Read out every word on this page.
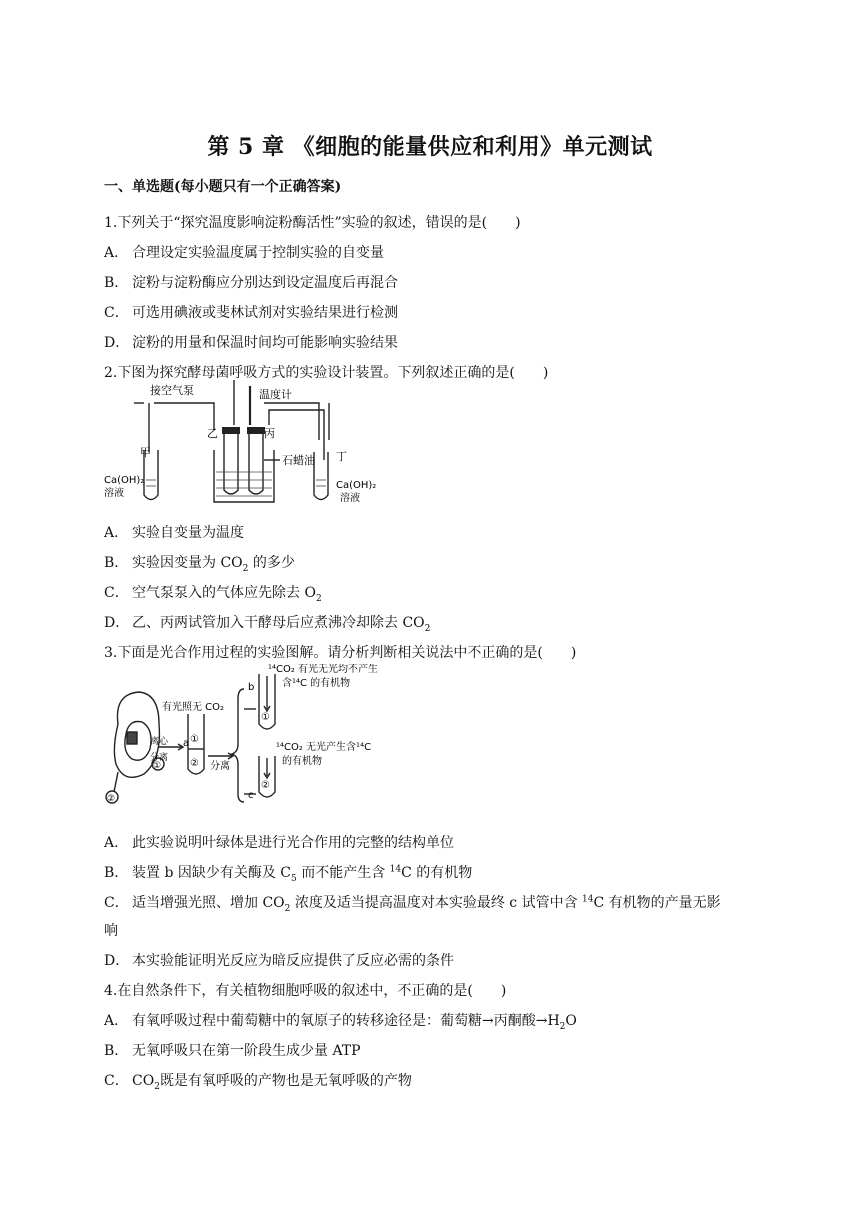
第 5 章 《细胞的能量供应和利用》单元测试
一、单选题(每小题只有一个正确答案)
1.下列关于“探究温度影响淀粉酶活性”实验的叙述，错误的是(　　)
A． 合理设定实验温度属于控制实验的自变量
B． 淀粉与淀粉酶应分别达到设定温度后再混合
C． 可选用碘液或斐林试剂对实验结果进行检测
D． 淀粉的用量和保温时间均可能影响实验结果
2.下图为探究酵母菌呼吸方式的实验设计装置。下列叙述正确的是(　　)
接空气泵	温度计
乙	丙
石蜡油
甲	丁
Ca(OH)₂
溶液
Ca(OH)₂
溶液
A． 实验自变量为温度
B． 实验因变量为 $CO_2$ 的多少
C． 空气泵泵入的气体应先除去 $O_2$
D． 乙、丙两试管加入干酵母后应煮沸冷却除去 $CO_2$
3.下面是光合作用过程的实验图解。请分析判断相关说法中不正确的是(　　)
¹⁴CO₂ 有光无光均不产生
含¹⁴C 的有机物
有光照无 CO₂
b
离心
分离
a
分离
¹⁴CO₂ 无光产生含¹⁴C
的有机物
c
①
②
①
②
①
②
A． 此实验说明叶绿体是进行光合作用的完整的结构单位
B． 装置 b 因缺少有关酶及 $C_5$ 而不能产生含 $^{14}$C 的有机物
C． 适当增强光照、增加 $CO_2$ 浓度及适当提高温度对本实验最终 c 试管中含 $^{14}$C 有机物的产量无影
响
D． 本实验能证明光反应为暗反应提供了反应必需的条件
4.在自然条件下，有关植物细胞呼吸的叙述中，不正确的是(　　)
A． 有氧呼吸过程中葡萄糖中的氧原子的转移途径是：葡萄糖→丙酮酸$\to H_2O$
B． 无氧呼吸只在第一阶段生成少量 ATP
C． $CO_2$既是有氧呼吸的产物也是无氧呼吸的产物
